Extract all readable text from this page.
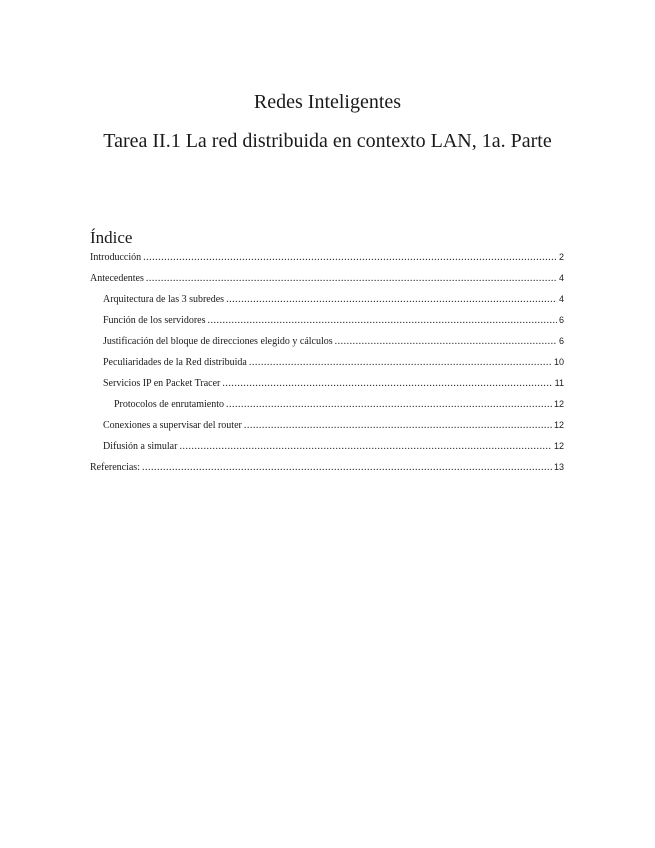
Redes Inteligentes
Tarea II.1 La red distribuida en contexto LAN, 1a. Parte
Índice
Introducción .....	2
Antecedentes .....	4
Arquitectura de las 3 subredes .....	4
Función de los servidores .....	6
Justificación del bloque de direcciones elegido y cálculos .....	6
Peculiaridades de la Red distribuida .....	10
Servicios IP en Packet Tracer .....	11
Protocolos de enrutamiento .....	12
Conexiones a supervisar del router .....	12
Difusión a simular .....	12
Referencias: .....	13
